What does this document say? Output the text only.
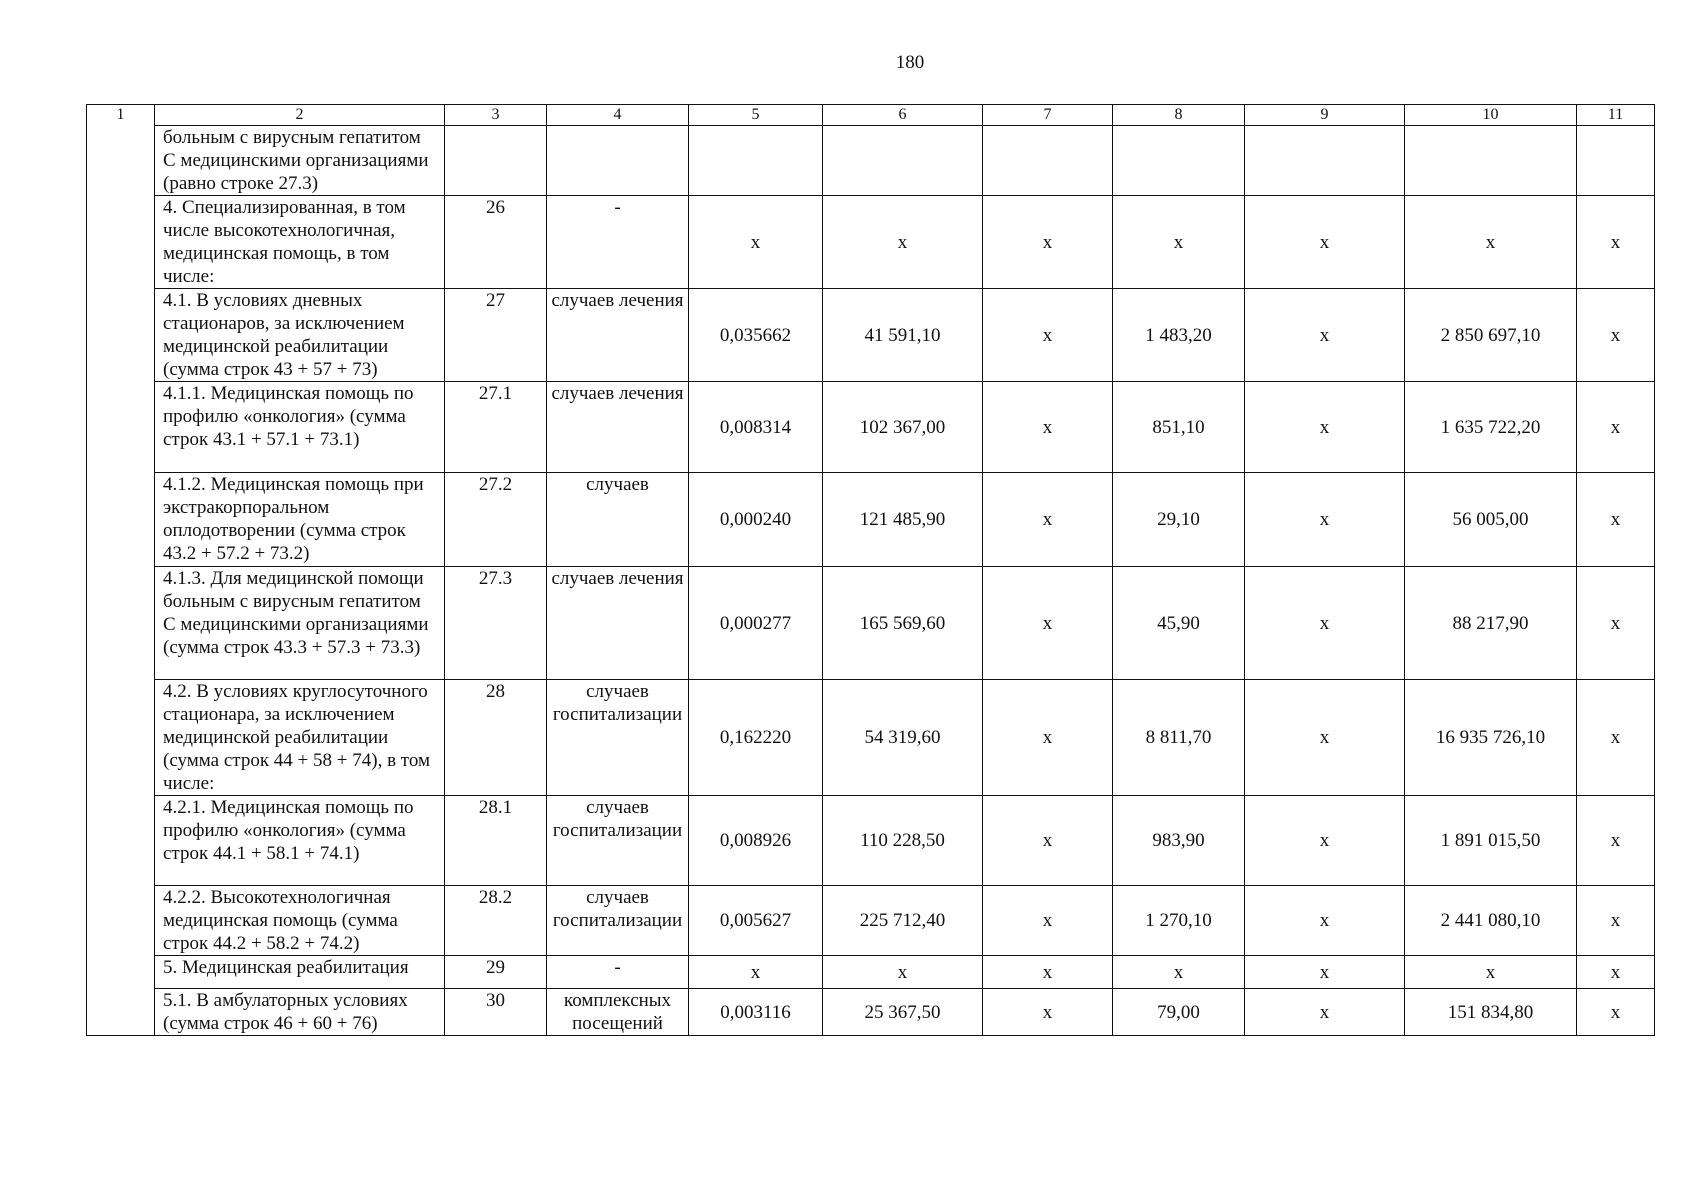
180
1	2	3	4	5	6	7	8	9	10	11
	больным с вирусным гепатитом С медицинскими организациями (равно строке 27.3)									
	4. Специализированная, в том числе высокотехнологичная, медицинская помощь, в том числе:	26	-	х	х	х	х	х	х	х
	4.1. В условиях дневных стационаров, за исключением медицинской реабилитации (сумма строк 43 + 57 + 73)	27	случаев лечения	0,035662	41 591,10	х	1 483,20	х	2 850 697,10	х
	4.1.1. Медицинская помощь по профилю «онкология» (сумма строк 43.1 + 57.1 + 73.1)	27.1	случаев лечения	0,008314	102 367,00	х	851,10	х	1 635 722,20	х
	4.1.2. Медицинская помощь при экстракорпоральном оплодотворении (сумма строк 43.2 + 57.2 + 73.2)	27.2	случаев	0,000240	121 485,90	х	29,10	х	56 005,00	х
	4.1.3. Для медицинской помощи больным с вирусным гепатитом С медицинскими организациями (сумма строк 43.3 + 57.3 + 73.3)	27.3	случаев лечения	0,000277	165 569,60	х	45,90	х	88 217,90	х
	4.2. В условиях круглосуточного стационара, за исключением медицинской реабилитации (сумма строк 44 + 58 + 74), в том числе:	28	случаев госпитализации	0,162220	54 319,60	х	8 811,70	х	16 935 726,10	х
	4.2.1. Медицинская помощь по профилю «онкология» (сумма строк 44.1 + 58.1 + 74.1)	28.1	случаев госпитализации	0,008926	110 228,50	х	983,90	х	1 891 015,50	х
	4.2.2. Высокотехнологичная медицинская помощь (сумма строк 44.2 + 58.2 + 74.2)	28.2	случаев госпитализации	0,005627	225 712,40	х	1 270,10	х	2 441 080,10	х
	5. Медицинская реабилитация	29	-	х	х	х	х	х	х	х
	5.1. В амбулаторных условиях (сумма строк 46 + 60 + 76)	30	комплексных посещений	0,003116	25 367,50	х	79,00	х	151 834,80	х
